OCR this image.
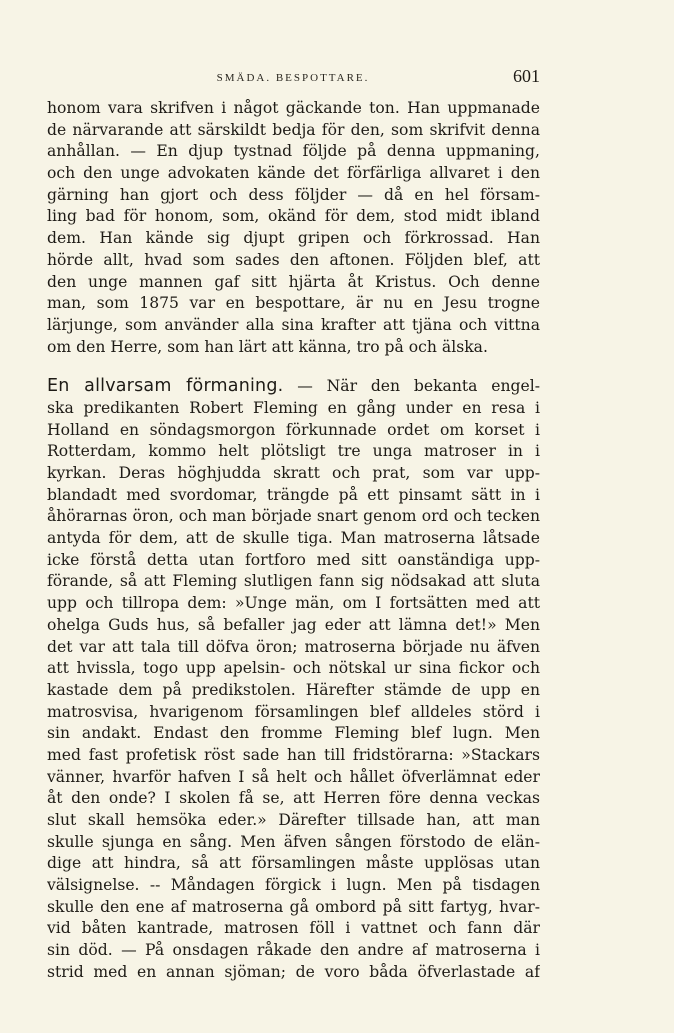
SMÄDA. BESPOTTARE.	601
honom vara skrifven i något gäckande ton. Han uppmanade
de närvarande att särskildt bedja för den, som skrifvit denna
anhållan. — En djup tystnad följde på denna uppmaning,
och den unge advokaten kände det förfärliga allvaret i den
gärning han gjort och dess följder — då en hel försam-
ling bad för honom, som, okänd för dem, stod midt ibland
dem. Han kände sig djupt gripen och förkrossad. Han
hörde allt, hvad som sades den aftonen. Följden blef, att
den unge mannen gaf sitt hjärta åt Kristus. Och denne
man, som 1875 var en bespottare, är nu en Jesu trogne
lärjunge, som använder alla sina krafter att tjäna och vittna
om den Herre, som han lärt att känna, tro på och älska.
En allvarsam förmaning. — När den bekanta engel-
ska predikanten Robert Fleming en gång under en resa i
Holland en söndagsmorgon förkunnade ordet om korset i
Rotterdam, kommo helt plötsligt tre unga matroser in i
kyrkan. Deras höghjudda skratt och prat, som var upp-
blandadt med svordomar, trängde på ett pinsamt sätt in i
åhörarnas öron, och man började snart genom ord och tecken
antyda för dem, att de skulle tiga. Man matroserna låtsade
icke förstå detta utan fortforo med sitt oanständiga upp-
förande, så att Fleming slutligen fann sig nödsakad att sluta
upp och tillropa dem: »Unge män, om I fortsätten med att
ohelga Guds hus, så befaller jag eder att lämna det!» Men
det var att tala till döfva öron; matroserna började nu äfven
att hvissla, togo upp apelsin- och nötskal ur sina fickor och
kastade dem på predikstolen. Härefter stämde de upp en
matrosvisa, hvarigenom församlingen blef alldeles störd i
sin andakt. Endast den fromme Fleming blef lugn. Men
med fast profetisk röst sade han till fridstörarna: »Stackars
vänner, hvarför hafven I så helt och hållet öfverlämnat eder
åt den onde? I skolen få se, att Herren före denna veckas
slut skall hemsöka eder.» Därefter tillsade han, att man
skulle sjunga en sång. Men äfven sången förstodo de elän-
dige att hindra, så att församlingen måste upplösas utan
välsignelse. -- Måndagen förgick i lugn. Men på tisdagen
skulle den ene af matroserna gå ombord på sitt fartyg, hvar-
vid båten kantrade, matrosen föll i vattnet och fann där
sin död. — På onsdagen råkade den andre af matroserna i
strid med en annan sjöman; de voro båda öfverlastade af
